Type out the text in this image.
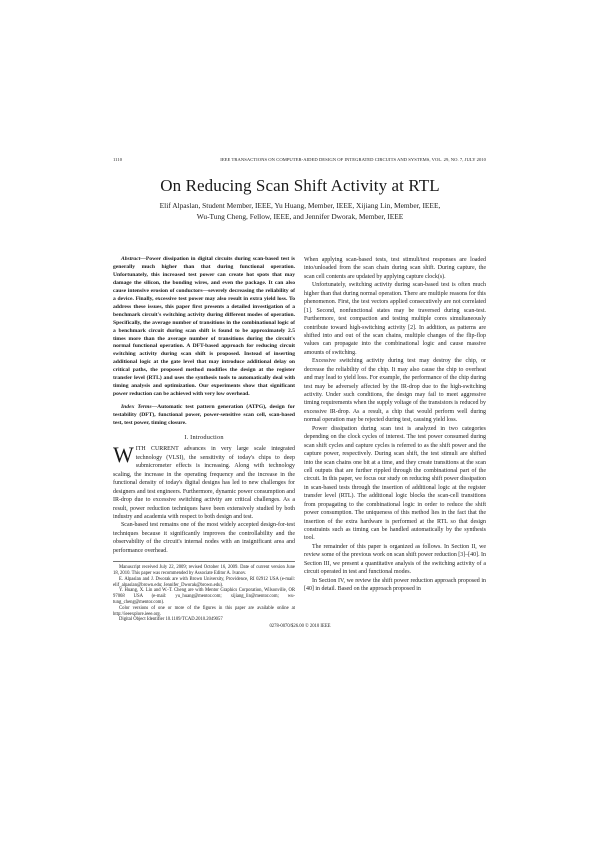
1110	IEEE TRANSACTIONS ON COMPUTER-AIDED DESIGN OF INTEGRATED CIRCUITS AND SYSTEMS, VOL. 29, NO. 7, JULY 2010
On Reducing Scan Shift Activity at RTL
Elif Alpaslan, Student Member, IEEE, Yu Huang, Member, IEEE, Xijiang Lin, Member, IEEE,
Wu-Tung Cheng, Fellow, IEEE, and Jennifer Dworak, Member, IEEE

Abstract—Power dissipation in digital circuits during scan-based test is generally much higher than that during functional operation. Unfortunately, this increased test power can create hot spots that may damage the silicon, the bonding wires, and even the package. It can also cause intensive erosion of conductors—severely decreasing the reliability of a device. Finally, excessive test power may also result in extra yield loss. To address these issues, this paper first presents a detailed investigation of a benchmark circuit's switching activity during different modes of operation. Specifically, the average number of transitions in the combinational logic of a benchmark circuit during scan shift is found to be approximately 2.5 times more than the average number of transitions during the circuit's normal functional operation. A DFT-based approach for reducing circuit switching activity during scan shift is proposed. Instead of inserting additional logic at the gate level that may introduce additional delay on critical paths, the proposed method modifies the design at the register transfer level (RTL) and uses the synthesis tools to automatically deal with timing analysis and optimization. Our experiments show that significant power reduction can be achieved with very low overhead.

Index Terms—Automatic test pattern generation (ATPG), design for testability (DFT), functional power, power-sensitive scan cell, scan-based test, test power, timing closure.

I. Introduction

WITH CURRENT advances in very large scale integrated technology (VLSI), the sensitivity of today's chips to deep submicrometer effects is increasing. Along with technology scaling, the increase in the operating frequency and the increase in the functional density of today's digital designs has led to new challenges for designers and test engineers. Furthermore, dynamic power consumption and IR-drop due to excessive switching activity are critical challenges. As a result, power reduction techniques have been extensively studied by both industry and academia with respect to both design and test.

Scan-based test remains one of the most widely accepted design-for-test techniques because it significantly improves the controllability and the observability of the circuit's internal nodes with an insignificant area and performance overhead.

Manuscript received July 22, 2009; revised October 16, 2009. Date of current version June 18, 2010. This paper was recommended by Associate Editor A. Ivanov.

E. Alpaslan and J. Dworak are with Brown University, Providence, RI 02912 USA (e-mail: elif_alpaslan@brown.edu; Jennifer_Dworak@brown.edu).

Y. Huang, X. Lin and W.-T. Cheng are with Mentor Graphics Corporation, Wilsonville, OR 97068 USA (e-mail: yu_huang@mentor.com; xijiang_lin@mentor.com; wu-tung_cheng@mentor.com).

Color versions of one or more of the figures in this paper are available online at http://ieeexplore.ieee.org.

Digital Object Identifier 10.1109/TCAD.2010.2049057

When applying scan-based tests, test stimuli/test responses are loaded into/unloaded from the scan chain during scan shift. During capture, the scan cell contents are updated by applying capture clock(s).

Unfortunately, switching activity during scan-based test is often much higher than that during normal operation. There are multiple reasons for this phenomenon. First, the test vectors applied consecutively are not correlated [1]. Second, nonfunctional states may be traversed during scan-test. Furthermore, test compaction and testing multiple cores simultaneously contribute toward high-switching activity [2]. In addition, as patterns are shifted into and out of the scan chains, multiple changes of the flip-flop values can propagate into the combinational logic and cause massive amounts of switching.

Excessive switching activity during test may destroy the chip, or decrease the reliability of the chip. It may also cause the chip to overheat and may lead to yield loss. For example, the performance of the chip during test may be adversely affected by the IR-drop due to the high-switching activity. Under such conditions, the design may fail to meet aggressive timing requirements when the supply voltage of the transistors is reduced by excessive IR-drop. As a result, a chip that would perform well during normal operation may be rejected during test, causing yield loss.

Power dissipation during scan test is analyzed in two categories depending on the clock cycles of interest. The test power consumed during scan shift cycles and capture cycles is referred to as the shift power and the capture power, respectively. During scan shift, the test stimuli are shifted into the scan chains one bit at a time, and they create transitions at the scan cell outputs that are further rippled through the combinational part of the circuit. In this paper, we focus our study on reducing shift power dissipation in scan-based tests through the insertion of additional logic at the register transfer level (RTL). The additional logic blocks the scan-cell transitions from propagating to the combinational logic in order to reduce the shift power consumption. The uniqueness of this method lies in the fact that the insertion of the extra hardware is performed at the RTL so that design constraints such as timing can be handled automatically by the synthesis tool.

The remainder of this paper is organized as follows. In Section II, we review some of the previous work on scan shift power reduction [3]–[40]. In Section III, we present a quantitative analysis of the switching activity of a circuit operated in test and functional modes.

In Section IV, we review the shift power reduction approach proposed in [40] in detail. Based on the approach proposed in

0278-0070/$26.00 © 2010 IEEE
